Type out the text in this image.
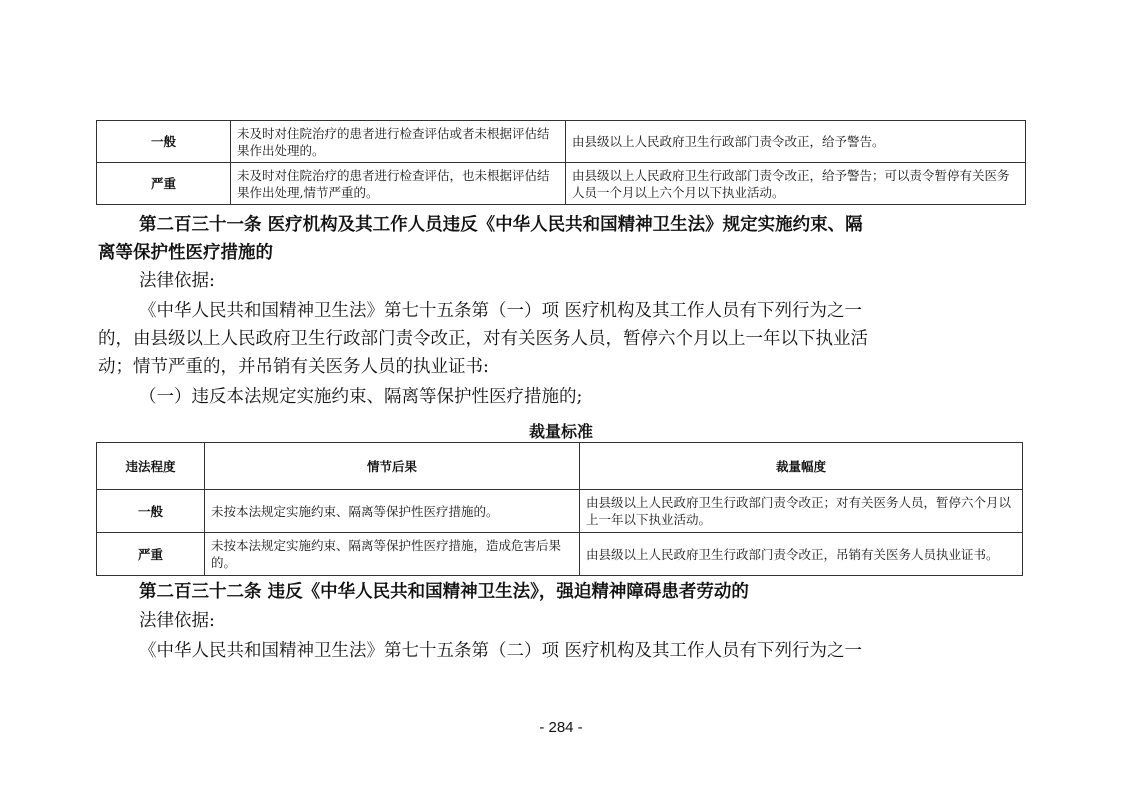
一般	未及时对住院治疗的患者进行检查评估或者未根据评估结果作出处理的。	由县级以上人民政府卫生行政部门责令改正，给予警告。
严重	未及时对住院治疗的患者进行检查评估，也未根据评估结果作出处理,情节严重的。	由县级以上人民政府卫生行政部门责令改正，给予警告；可以责令暂停有关医务人员一个月以上六个月以下执业活动。
第二百三十一条 医疗机构及其工作人员违反《中华人民共和国精神卫生法》规定实施约束、隔
离等保护性医疗措施的
法律依据:
《中华人民共和国精神卫生法》第七十五条第（一）项 医疗机构及其工作人员有下列行为之一
的，由县级以上人民政府卫生行政部门责令改正，对有关医务人员，暂停六个月以上一年以下执业活
动；情节严重的，并吊销有关医务人员的执业证书:
（一）违反本法规定实施约束、隔离等保护性医疗措施的;
裁量标准
违法程度	情节后果	裁量幅度
一般	未按本法规定实施约束、隔离等保护性医疗措施的。	由县级以上人民政府卫生行政部门责令改正；对有关医务人员，暂停六个月以上一年以下执业活动。
严重	未按本法规定实施约束、隔离等保护性医疗措施，造成危害后果的。	由县级以上人民政府卫生行政部门责令改正，吊销有关医务人员执业证书。
第二百三十二条 违反《中华人民共和国精神卫生法》，强迫精神障碍患者劳动的
法律依据:
《中华人民共和国精神卫生法》第七十五条第（二）项 医疗机构及其工作人员有下列行为之一
- 284 -
